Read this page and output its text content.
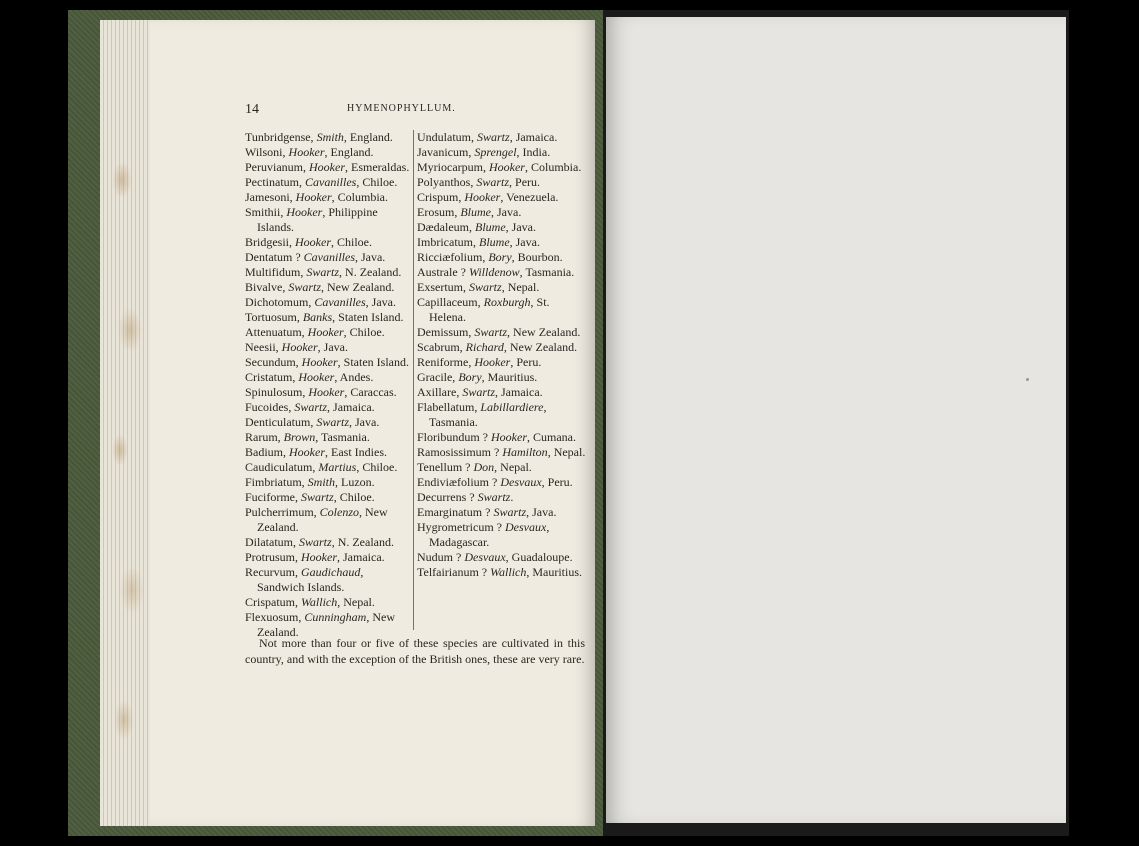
14	HYMENOPHYLLUM.
Tunbridgense, Smith, England.
Wilsoni, Hooker, England.
Peruvianum, Hooker, Esmeraldas.
Pectinatum, Cavanilles, Chiloe.
Jamesoni, Hooker, Columbia.
Smithii, Hooker, Philippine Islands.
Bridgesii, Hooker, Chiloe.
Dentatum ? Cavanilles, Java.
Multifidum, Swartz, N. Zealand.
Bivalve, Swartz, New Zealand.
Dichotomum, Cavanilles, Java.
Tortuosum, Banks, Staten Island.
Attenuatum, Hooker, Chiloe.
Neesii, Hooker, Java.
Secundum, Hooker, Staten Island.
Cristatum, Hooker, Andes.
Spinulosum, Hooker, Caraccas.
Fucoides, Swartz, Jamaica.
Denticulatum, Swartz, Java.
Rarum, Brown, Tasmania.
Badium, Hooker, East Indies.
Caudiculatum, Martius, Chiloe.
Fimbriatum, Smith, Luzon.
Fuciforme, Swartz, Chiloe.
Pulcherrimum, Colenzo, New Zealand.
Dilatatum, Swartz, N. Zealand.
Protrusum, Hooker, Jamaica.
Recurvum, Gaudichaud, Sandwich Islands.
Crispatum, Wallich, Nepal.
Flexuosum, Cunningham, New Zealand.
Undulatum, Swartz, Jamaica.
Javanicum, Sprengel, India.
Myriocarpum, Hooker, Columbia.
Polyanthos, Swartz, Peru.
Crispum, Hooker, Venezuela.
Erosum, Blume, Java.
Dædaleum, Blume, Java.
Imbricatum, Blume, Java.
Ricciæfolium, Bory, Bourbon.
Australe ? Willdenow, Tasmania.
Exsertum, Swartz, Nepal.
Capillaceum, Roxburgh, St. Helena.
Demissum, Swartz, New Zealand.
Scabrum, Richard, New Zealand.
Reniforme, Hooker, Peru.
Gracile, Bory, Mauritius.
Axillare, Swartz, Jamaica.
Flabellatum, Labillardiere, Tasmania.
Floribundum ? Hooker, Cumana.
Ramosissimum ? Hamilton, Nepal.
Tenellum ? Don, Nepal.
Endiviæfolium ? Desvaux, Peru.
Decurrens ? Swartz.
Emarginatum ? Swartz, Java.
Hygrometricum ? Desvaux, Madagascar.
Nudum ? Desvaux, Guadaloupe.
Telfairianum ? Wallich, Mauritius.

Not more than four or five of these species are cultivated in this country, and with the exception of the British ones, these are very rare.
